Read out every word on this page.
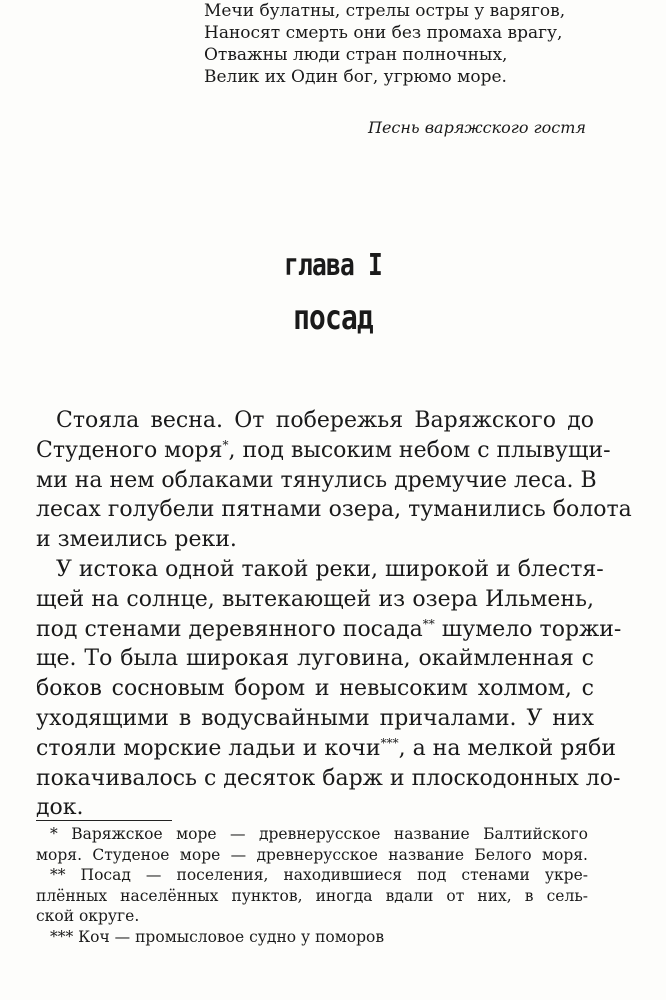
Мечи булатны, стрелы остры у варягов,
Наносят смерть они без промаха врагу,
Отважны люди стран полночных,
Велик их Один бог, угрюмо море.
Песнь варяжского гостя
глава I
посад
Стояла весна. От побережья Варяжского до
Студеного моря*, под высоким небом с плывущи-
ми на нем облаками тянулись дремучие леса. В
лесах голубели пятнами озера, туманились болота
и змеились реки.
У истока одной такой реки, широкой и блестя-
щей на солнце, вытекающей из озера Ильмень,
под стенами деревянного посада** шумело торжи-
ще. То была широкая луговина, окаймленная с
боков сосновым бором и невысоким холмом, с
уходящими в водусвайными причалами. У них
стояли морские ладьи и кочи***, а на мелкой ряби
покачивалось с десяток барж и плоскодонных ло-
док.
* Варяжское море — древнерусское название Балтийского
моря. Студеное море — древнерусское название Белого моря.
** Посад — поселения, находившиеся под стенами укре-
плённых населённых пунктов, иногда вдали от них, в сель-
ской округе.
*** Коч — промысловое судно у поморов
